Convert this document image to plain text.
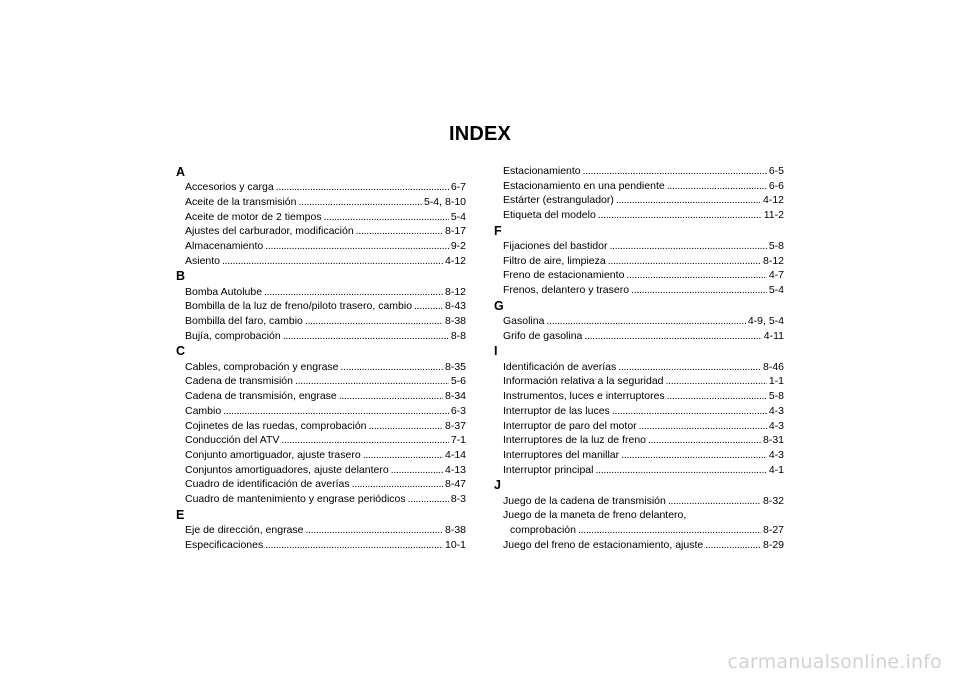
INDEX
A
Accesorios y carga . . .	6-7
Aceite de la transmisión . . .	5-4, 8-10
Aceite de motor de 2 tiempos . . .	5-4
Ajustes del carburador, modificación . . .	8-17
Almacenamiento . . .	9-2
Asiento . . .	4-12
B
Bomba Autolube . . .	8-12
Bombilla de la luz de freno/piloto trasero, cambio . . .	8-43
Bombilla del faro, cambio . . .	8-38
Bujía, comprobación . . .	8-8
C
Cables, comprobación y engrase . . .	8-35
Cadena de transmisión . . .	5-6
Cadena de transmisión, engrase . . .	8-34
Cambio . . .	6-3
Cojinetes de las ruedas, comprobación . . .	8-37
Conducción del ATV . . .	7-1
Conjunto amortiguador, ajuste trasero . . .	4-14
Conjuntos amortiguadores, ajuste delantero . . .	4-13
Cuadro de identificación de averías . . .	8-47
Cuadro de mantenimiento y engrase periódicos . . .	8-3
E
Eje de dirección, engrase . . .	8-38
Especificaciones . . .	10-1
Estacionamiento . . .	6-5
Estacionamiento en una pendiente . . .	6-6
Estárter (estrangulador) . . .	4-12
Etiqueta del modelo . . .	11-2
F
Fijaciones del bastidor . . .	5-8
Filtro de aire, limpieza . . .	8-12
Freno de estacionamiento . . .	4-7
Frenos, delantero y trasero . . .	5-4
G
Gasolina . . .	4-9, 5-4
Grifo de gasolina . . .	4-11
I
Identificación de averías . . .	8-46
Información relativa a la seguridad . . .	1-1
Instrumentos, luces e interruptores . . .	5-8
Interruptor de las luces . . .	4-3
Interruptor de paro del motor . . .	4-3
Interruptores de la luz de freno . . .	8-31
Interruptores del manillar . . .	4-3
Interruptor principal . . .	4-1
J
Juego de la cadena de transmisión . . .	8-32
Juego de la maneta de freno delantero,
comprobación . . .	8-27
Juego del freno de estacionamiento, ajuste . . .	8-29
carmanualsonline.info
